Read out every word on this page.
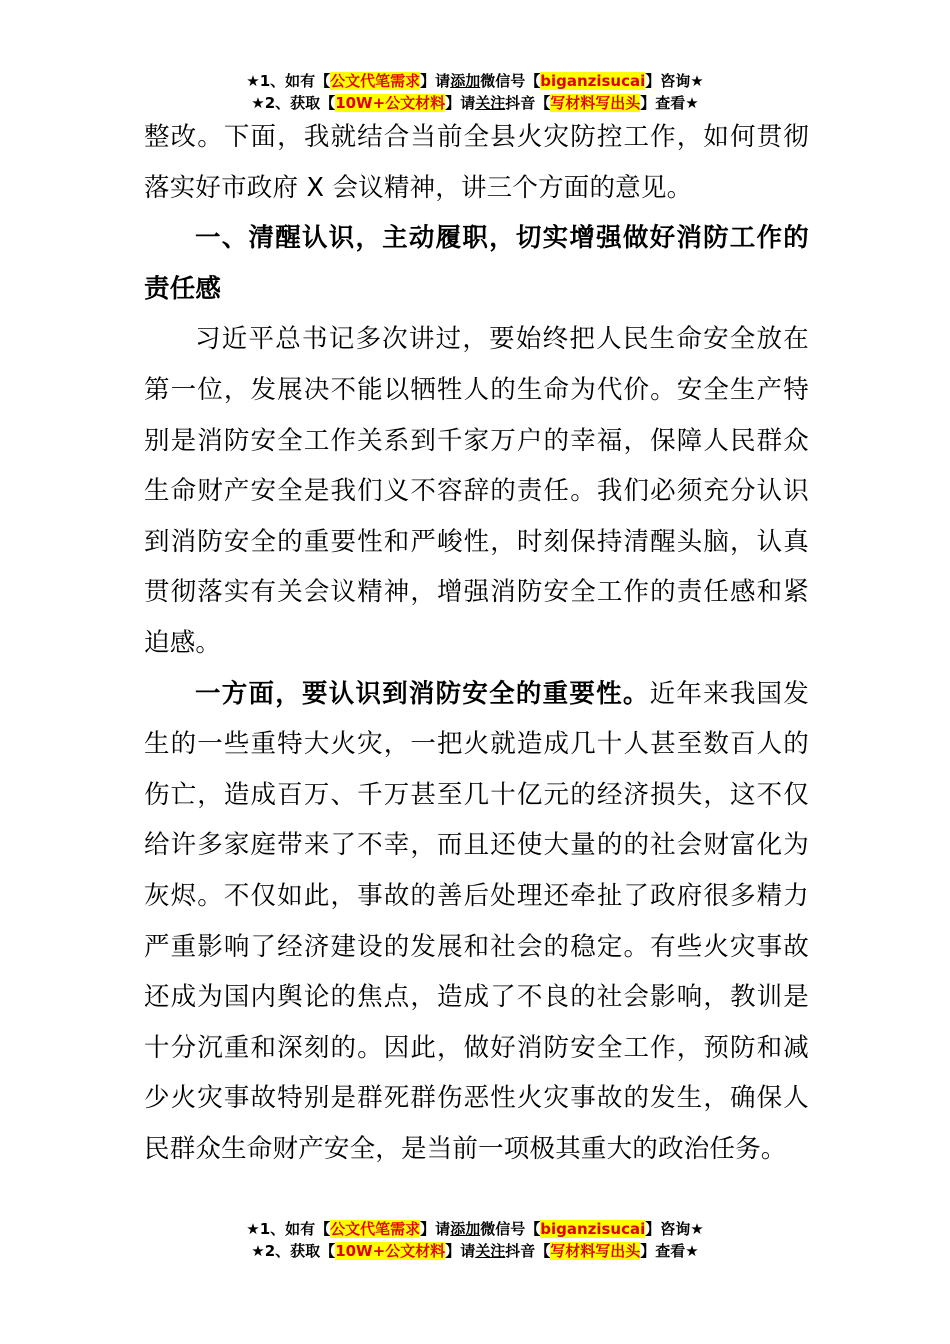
★1、如有【公文代笔需求】请添加微信号【biganzisucai】咨询★
★2、获取【10W+公文材料】请关注抖音【写材料写出头】查看★

整改。下面，我就结合当前全县火灾防控工作，如何贯彻落实好市政府 X 会议精神，讲三个方面的意见。

一、清醒认识，主动履职，切实增强做好消防工作的责任感

习近平总书记多次讲过，要始终把人民生命安全放在第一位，发展决不能以牺牲人的生命为代价。安全生产特别是消防安全工作关系到千家万户的幸福，保障人民群众生命财产安全是我们义不容辞的责任。我们必须充分认识到消防安全的重要性和严峻性，时刻保持清醒头脑，认真贯彻落实有关会议精神，增强消防安全工作的责任感和紧迫感。

一方面，要认识到消防安全的重要性。近年来我国发生的一些重特大火灾，一把火就造成几十人甚至数百人的伤亡，造成百万、千万甚至几十亿元的经济损失，这不仅给许多家庭带来了不幸，而且还使大量的的社会财富化为灰烬。不仅如此，事故的善后处理还牵扯了政府很多精力严重影响了经济建设的发展和社会的稳定。有些火灾事故还成为国内舆论的焦点，造成了不良的社会影响，教训是十分沉重和深刻的。因此，做好消防安全工作，预防和减少火灾事故特别是群死群伤恶性火灾事故的发生，确保人民群众生命财产安全，是当前一项极其重大的政治任务。

★1、如有【公文代笔需求】请添加微信号【biganzisucai】咨询★
★2、获取【10W+公文材料】请关注抖音【写材料写出头】查看★
